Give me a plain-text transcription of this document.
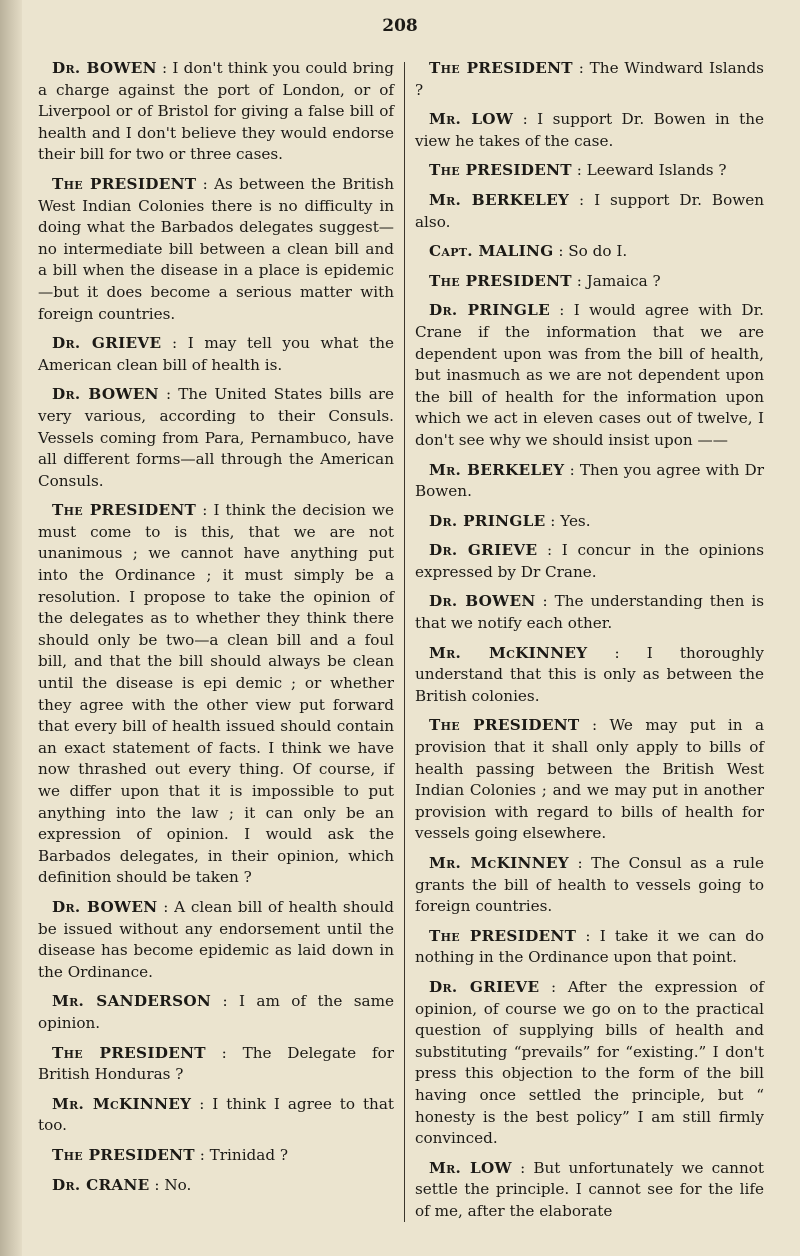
208

Dr. BOWEN : I don't think you could bring a charge against the port of London, or of Liverpool or of Bristol for giving a false bill of health and I don't believe they would endorse their bill for two or three cases.

The PRESIDENT : As between the British West Indian Colonies there is no difficulty in doing what the Barbados delegates suggest—no intermediate bill between a clean bill and a bill when the disease in a place is epidemic—but it does become a serious matter with foreign countries.

Dr. GRIEVE : I may tell you what the American clean bill of health is.

Dr. BOWEN : The United States bills are very various, according to their Consuls. Vessels coming from Para, Pernambuco, have all different forms—all through the American Consuls.

The PRESIDENT : I think the decision we must come to is this, that we are not unanimous ; we cannot have anything put into the Ordinance ; it must simply be a resolution. I propose to take the opinion of the delegates as to whether they think there should only be two—a clean bill and a foul bill, and that the bill should always be clean until the disease is epi demic ; or whether they agree with the other view put forward that every bill of health issued should contain an exact statement of facts. I think we have now thrashed out every thing. Of course, if we differ upon that it is impossible to put anything into the law ; it can only be an expression of opinion. I would ask the Barbados delegates, in their opinion, which definition should be taken ?

Dr. BOWEN : A clean bill of health should be issued without any endorsement until the disease has become epidemic as laid down in the Ordinance.

Mr. SANDERSON : I am of the same opinion.

The PRESIDENT : The Delegate for British Honduras ?

Mr. McKINNEY : I think I agree to that too.

The PRESIDENT : Trinidad ?

Dr. CRANE : No.

The PRESIDENT : The Windward Islands ?

Mr. LOW : I support Dr. Bowen in the view he takes of the case.

The PRESIDENT : Leeward Islands ?

Mr. BERKELEY : I support Dr. Bowen also.

Capt. MALING : So do I.

The PRESIDENT : Jamaica ?

Dr. PRINGLE : I would agree with Dr. Crane if the information that we are dependent upon was from the bill of health, but inasmuch as we are not dependent upon the bill of health for the information upon which we act in eleven cases out of twelve, I don't see why we should insist upon ——

Mr. BERKELEY : Then you agree with Dr Bowen.

Dr. PRINGLE : Yes.

Dr. GRIEVE : I concur in the opinions expressed by Dr Crane.

Dr. BOWEN : The understanding then is that we notify each other.

Mr. McKINNEY : I thoroughly understand that this is only as between the British colonies.

The PRESIDENT : We may put in a provision that it shall only apply to bills of health passing between the British West Indian Colonies ; and we may put in another provision with regard to bills of health for vessels going elsewhere.

Mr. McKINNEY : The Consul as a rule grants the bill of health to vessels going to foreign countries.

The PRESIDENT : I take it we can do nothing in the Ordinance upon that point.

Dr. GRIEVE : After the expression of opinion, of course we go on to the practical question of supplying bills of health and substituting “prevails” for “existing.” I don't press this objection to the form of the bill having once settled the principle, but “ honesty is the best policy” I am still firmly convinced.

Mr. LOW : But unfortunately we cannot settle the principle. I cannot see for the life of me, after the elaborate
